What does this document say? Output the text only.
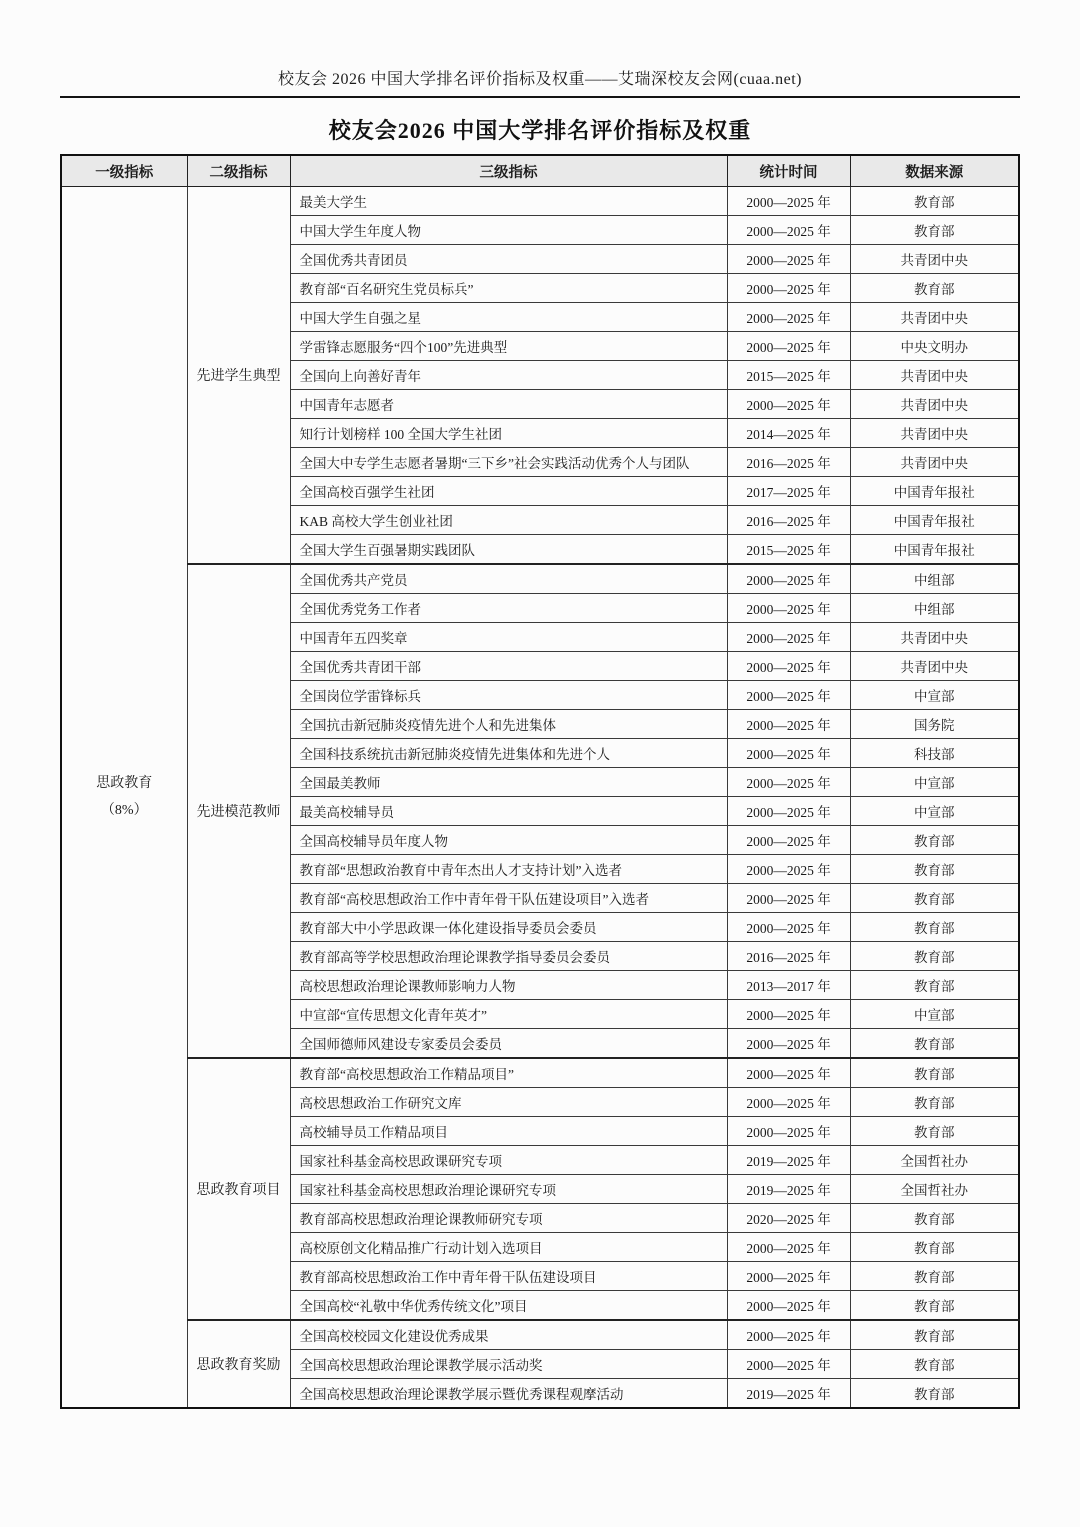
校友会 2026 中国大学排名评价指标及权重——艾瑞深校友会网(cuaa.net)
校友会2026 中国大学排名评价指标及权重
一级指标	二级指标	三级指标	统计时间	数据来源

思政教育
（8%）	先进学生典型	最美大学生	2000—2025 年	教育部
		中国大学生年度人物	2000—2025 年	教育部
		全国优秀共青团员	2000—2025 年	共青团中央
		教育部“百名研究生党员标兵”	2000—2025 年	教育部
		中国大学生自强之星	2000—2025 年	共青团中央
		学雷锋志愿服务“四个100”先进典型	2000—2025 年	中央文明办
		全国向上向善好青年	2015—2025 年	共青团中央
		中国青年志愿者	2000—2025 年	共青团中央
		知行计划榜样 100 全国大学生社团	2014—2025 年	共青团中央
		全国大中专学生志愿者暑期“三下乡”社会实践活动优秀个人与团队	2016—2025 年	共青团中央
		全国高校百强学生社团	2017—2025 年	中国青年报社
		KAB 高校大学生创业社团	2016—2025 年	中国青年报社
		全国大学生百强暑期实践团队	2015—2025 年	中国青年报社
	先进模范教师	全国优秀共产党员	2000—2025 年	中组部
		全国优秀党务工作者	2000—2025 年	中组部
		中国青年五四奖章	2000—2025 年	共青团中央
		全国优秀共青团干部	2000—2025 年	共青团中央
		全国岗位学雷锋标兵	2000—2025 年	中宣部
		全国抗击新冠肺炎疫情先进个人和先进集体	2000—2025 年	国务院
		全国科技系统抗击新冠肺炎疫情先进集体和先进个人	2000—2025 年	科技部
		全国最美教师	2000—2025 年	中宣部
		最美高校辅导员	2000—2025 年	中宣部
		全国高校辅导员年度人物	2000—2025 年	教育部
		教育部“思想政治教育中青年杰出人才支持计划”入选者	2000—2025 年	教育部
		教育部“高校思想政治工作中青年骨干队伍建设项目”入选者	2000—2025 年	教育部
		教育部大中小学思政课一体化建设指导委员会委员	2000—2025 年	教育部
		教育部高等学校思想政治理论课教学指导委员会委员	2016—2025 年	教育部
		高校思想政治理论课教师影响力人物	2013—2017 年	教育部
		中宣部“宣传思想文化青年英才”	2000—2025 年	中宣部
		全国师德师风建设专家委员会委员	2000—2025 年	教育部
	思政教育项目	教育部“高校思想政治工作精品项目”	2000—2025 年	教育部
		高校思想政治工作研究文库	2000—2025 年	教育部
		高校辅导员工作精品项目	2000—2025 年	教育部
		国家社科基金高校思政课研究专项	2019—2025 年	全国哲社办
		国家社科基金高校思想政治理论课研究专项	2019—2025 年	全国哲社办
		教育部高校思想政治理论课教师研究专项	2020—2025 年	教育部
		高校原创文化精品推广行动计划入选项目	2000—2025 年	教育部
		教育部高校思想政治工作中青年骨干队伍建设项目	2000—2025 年	教育部
		全国高校“礼敬中华优秀传统文化”项目	2000—2025 年	教育部
	思政教育奖励	全国高校校园文化建设优秀成果	2000—2025 年	教育部
		全国高校思想政治理论课教学展示活动奖	2000—2025 年	教育部
		全国高校思想政治理论课教学展示暨优秀课程观摩活动	2019—2025 年	教育部
